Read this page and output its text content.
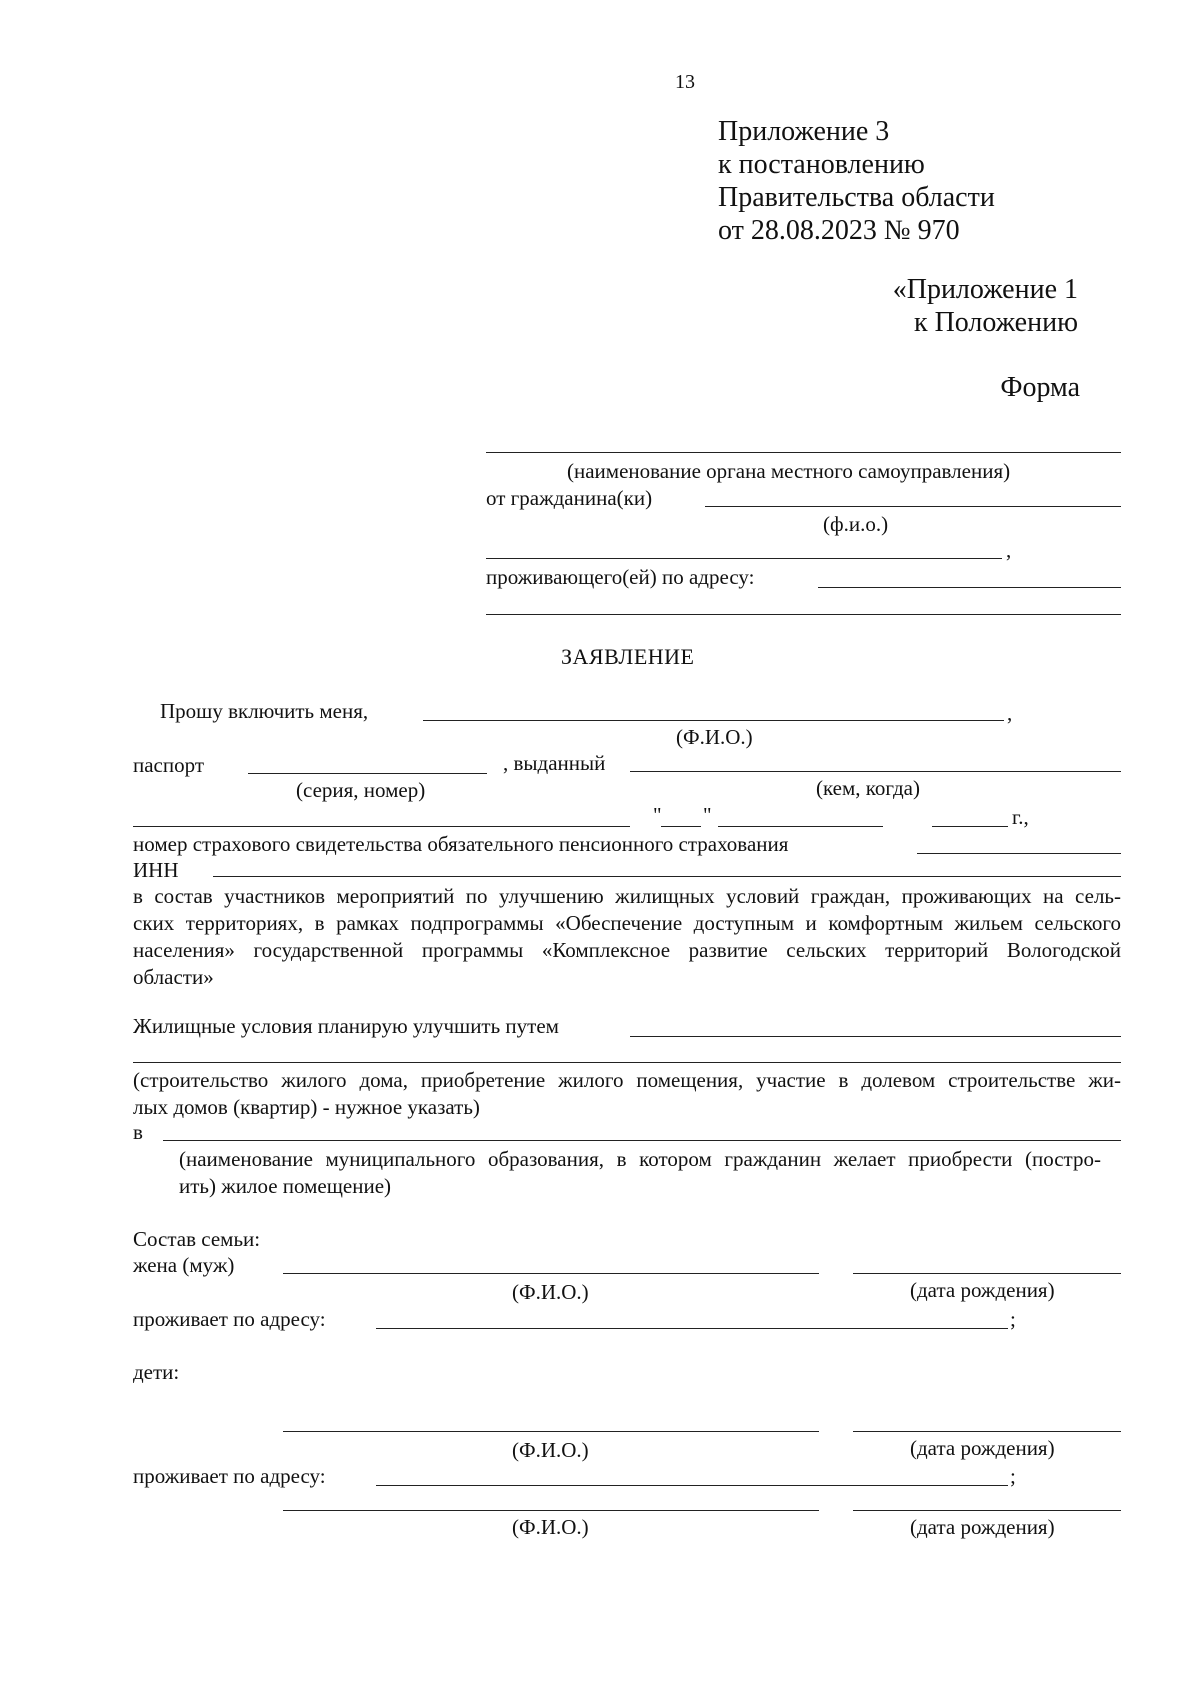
13
Приложение 3
к постановлению
Правительства области
от 28.08.2023 № 970
«Приложение 1
к Положению
Форма
(наименование органа местного самоуправления)
от гражданина(ки)
(ф.и.о.)
,
проживающего(ей) по адресу:
ЗАЯВЛЕНИЕ
Прошу включить меня,	,
(Ф.И.О.)
паспорт	, выданный
(серия, номер)	(кем, когда)
" "	г.,
номер страхового свидетельства обязательного пенсионного страхования
ИНН
в состав участников мероприятий по улучшению жилищных условий граждан, проживающих на сель-
ских территориях, в рамках подпрограммы «Обеспечение доступным и комфортным жильем сельского
населения» государственной программы «Комплексное развитие сельских территорий Вологодской
области»
Жилищные условия планирую улучшить путем
(строительство жилого дома, приобретение жилого помещения, участие в долевом строительстве жи-
лых домов (квартир) - нужное указать)
в
(наименование муниципального образования, в котором гражданин желает приобрести (постро-
ить) жилое помещение)
Состав семьи:
жена (муж)
(Ф.И.О.)	(дата рождения)
проживает по адресу:	;
дети:
(Ф.И.О.)	(дата рождения)
проживает по адресу:	;
(Ф.И.О.)	(дата рождения)
